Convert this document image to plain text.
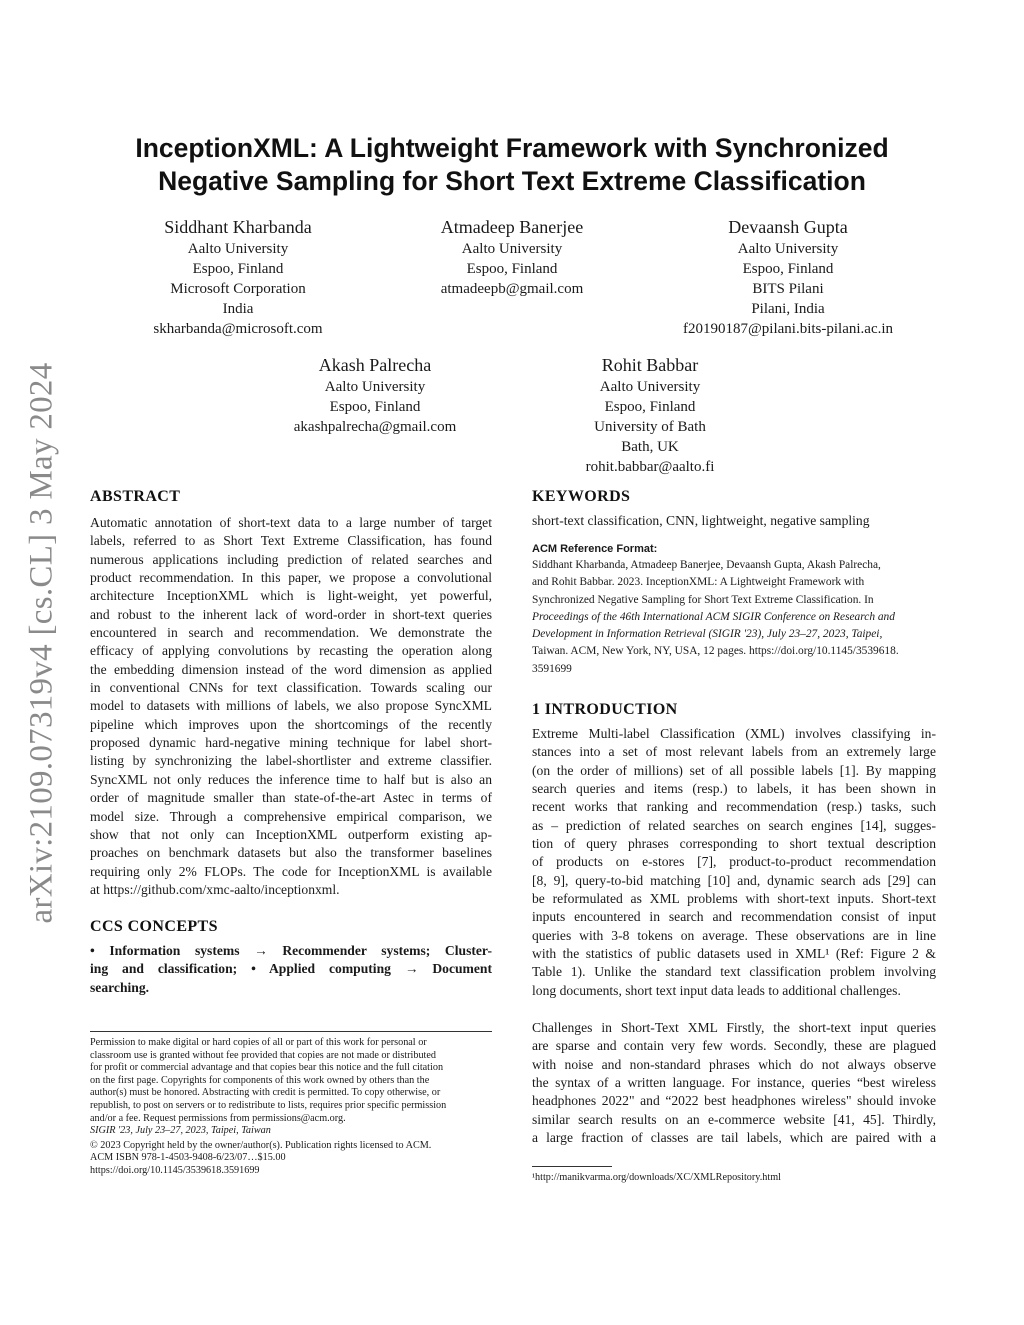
arXiv:2109.07319v4 [cs.CL] 3 May 2024
InceptionXML: A Lightweight Framework with Synchronized
Negative Sampling for Short Text Extreme Classification
Siddhant Kharbanda
Aalto University
Espoo, Finland
Microsoft Corporation
India
skharbanda@microsoft.com
Atmadeep Banerjee
Aalto University
Espoo, Finland
atmadeepb@gmail.com
Devaansh Gupta
Aalto University
Espoo, Finland
BITS Pilani
Pilani, India
f20190187@pilani.bits-pilani.ac.in
Akash Palrecha
Aalto University
Espoo, Finland
akashpalrecha@gmail.com
Rohit Babbar
Aalto University
Espoo, Finland
University of Bath
Bath, UK
rohit.babbar@aalto.fi
ABSTRACT
Automatic annotation of short-text data to a large number of target
labels, referred to as Short Text Extreme Classification, has found
numerous applications including prediction of related searches and
product recommendation. In this paper, we propose a convolutional
architecture InceptionXML which is light-weight, yet powerful,
and robust to the inherent lack of word-order in short-text queries
encountered in search and recommendation. We demonstrate the
efficacy of applying convolutions by recasting the operation along
the embedding dimension instead of the word dimension as applied
in conventional CNNs for text classification. Towards scaling our
model to datasets with millions of labels, we also propose SyncXML
pipeline which improves upon the shortcomings of the recently
proposed dynamic hard-negative mining technique for label short-
listing by synchronizing the label-shortlister and extreme classifier.
SyncXML not only reduces the inference time to half but is also an
order of magnitude smaller than state-of-the-art Astec in terms of
model size. Through a comprehensive empirical comparison, we
show that not only can InceptionXML outperform existing ap-
proaches on benchmark datasets but also the transformer baselines
requiring only 2% FLOPs. The code for InceptionXML is available
at https://github.com/xmc-aalto/inceptionxml.
CCS CONCEPTS
• Information systems → Recommender systems; Cluster-
ing and classification; • Applied computing → Document
searching.
Permission to make digital or hard copies of all or part of this work for personal or
classroom use is granted without fee provided that copies are not made or distributed
for profit or commercial advantage and that copies bear this notice and the full citation
on the first page. Copyrights for components of this work owned by others than the
author(s) must be honored. Abstracting with credit is permitted. To copy otherwise, or
republish, to post on servers or to redistribute to lists, requires prior specific permission
and/or a fee. Request permissions from permissions@acm.org.
SIGIR '23, July 23–27, 2023, Taipei, Taiwan
© 2023 Copyright held by the owner/author(s). Publication rights licensed to ACM.
ACM ISBN 978-1-4503-9408-6/23/07…$15.00
https://doi.org/10.1145/3539618.3591699
KEYWORDS
short-text classification, CNN, lightweight, negative sampling
ACM Reference Format:
Siddhant Kharbanda, Atmadeep Banerjee, Devaansh Gupta, Akash Palrecha,
and Rohit Babbar. 2023. InceptionXML: A Lightweight Framework with
Synchronized Negative Sampling for Short Text Extreme Classification. In
Proceedings of the 46th International ACM SIGIR Conference on Research and
Development in Information Retrieval (SIGIR '23), July 23–27, 2023, Taipei,
Taiwan. ACM, New York, NY, USA, 12 pages. https://doi.org/10.1145/3539618.
3591699
1 INTRODUCTION
Extreme Multi-label Classification (XML) involves classifying in-
stances into a set of most relevant labels from an extremely large
(on the order of millions) set of all possible labels [1]. By mapping
search queries and items (resp.) to labels, it has been shown in
recent works that ranking and recommendation (resp.) tasks, such
as – prediction of related searches on search engines [14], sugges-
tion of query phrases corresponding to short textual description
of products on e-stores [7], product-to-product recommendation
[8, 9], query-to-bid matching [10] and, dynamic search ads [29] can
be reformulated as XML problems with short-text inputs. Short-text
inputs encountered in search and recommendation consist of input
queries with 3-8 tokens on average. These observations are in line
with the statistics of public datasets used in XML¹ (Ref: Figure 2 &
Table 1). Unlike the standard text classification problem involving
long documents, short text input data leads to additional challenges.
Challenges in Short-Text XML Firstly, the short-text input queries
are sparse and contain very few words. Secondly, these are plagued
with noise and non-standard phrases which do not always observe
the syntax of a written language. For instance, queries “best wireless
headphones 2022" and “2022 best headphones wireless" should invoke
similar search results on an e-commerce website [41, 45]. Thirdly,
a large fraction of classes are tail labels, which are paired with a
¹http://manikvarma.org/downloads/XC/XMLRepository.html
